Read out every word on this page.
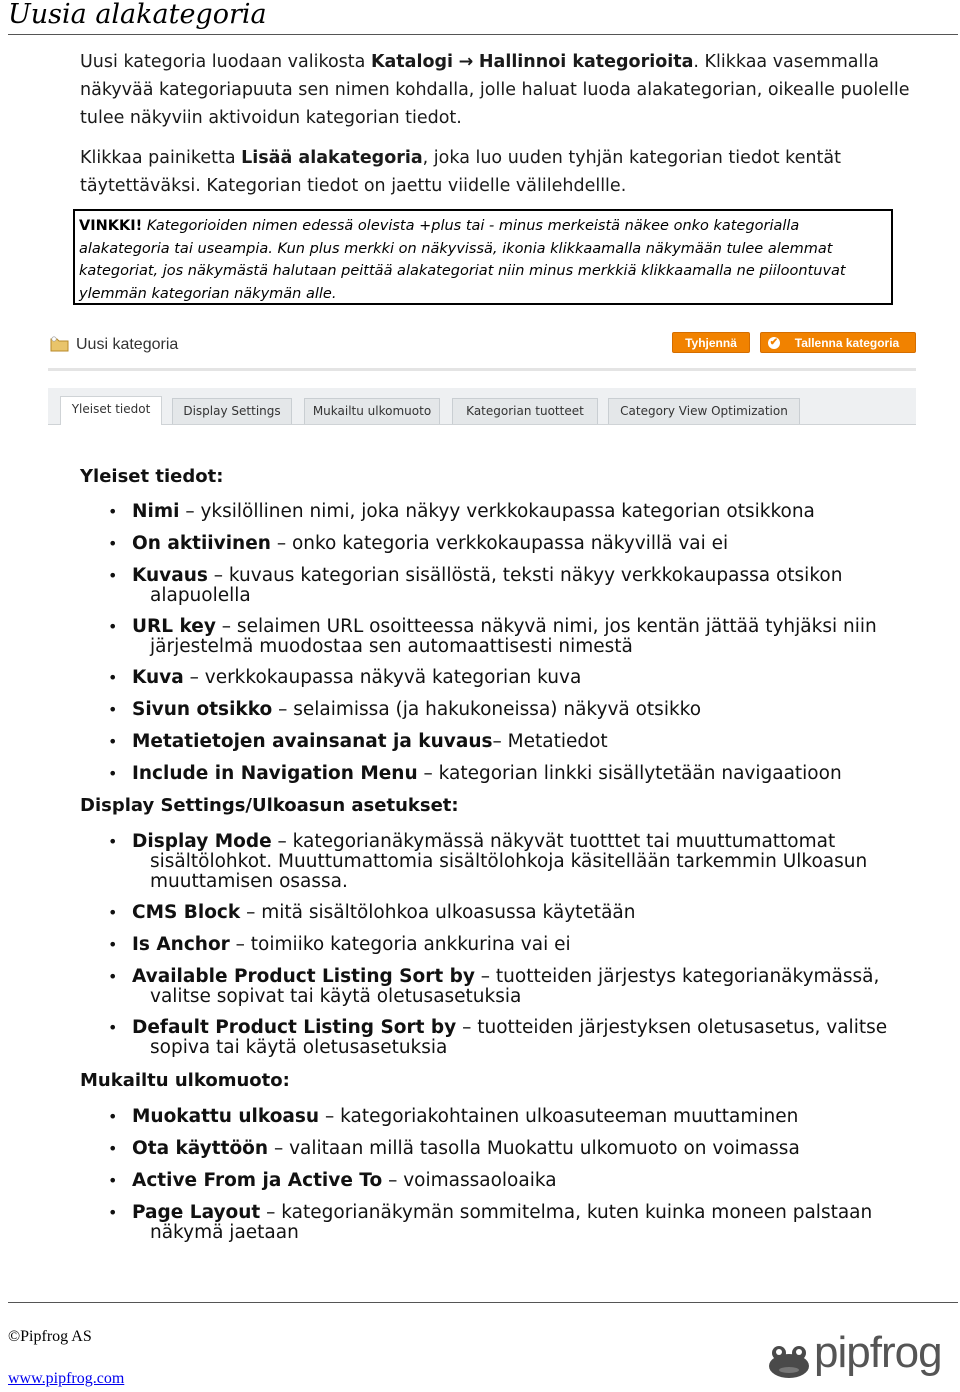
Uusia alakategoria

Uusi kategoria luodaan valikosta Katalogi → Hallinnoi kategorioita. Klikkaa vasemmalla näkyvää kategoriapuuta sen nimen kohdalla, jolle haluat luoda alakategorian, oikealle puolelle tulee näkyviin aktivoidun kategorian tiedot.

Klikkaa painiketta Lisää alakategoria, joka luo uuden tyhjän kategorian tiedot kentät täytettäväksi. Kategorian tiedot on jaettu viidelle välilehdellle.

VINKKI! Kategorioiden nimen edessä olevista +plus tai - minus merkeistä näkee onko kategorialla alakategoria tai useampia. Kun plus merkki on näkyvissä, ikonia klikkaamalla näkymään tulee alemmat kategoriat, jos näkymästä halutaan peittää alakategoriat niin minus merkkiä klikkaamalla ne piiloontuvat ylemmän kategorian näkymän alle.
Uusi kategoria	Tyhjennä	✔ Tallenna kategoria
Yleiset tiedot	Display Settings	Mukailtu ulkomuoto	Kategorian tuotteet	Category View Optimization
Yleiset tiedot:
• Nimi – yksilöllinen nimi, joka näkyy verkkokaupassa kategorian otsikkona
• On aktiivinen – onko kategoria verkkokaupassa näkyvillä vai ei
• Kuvaus – kuvaus kategorian sisällöstä, teksti näkyy verkkokaupassa otsikon
alapuolella
• URL key – selaimen URL osoitteessa näkyvä nimi, jos kentän jättää tyhjäksi niin
järjestelmä muodostaa sen automaattisesti nimestä
• Kuva – verkkokaupassa näkyvä kategorian kuva
• Sivun otsikko – selaimissa (ja hakukoneissa) näkyvä otsikko
• Metatietojen avainsanat ja kuvaus– Metatiedot
• Include in Navigation Menu – kategorian linkki sisällytetään navigaatioon
Display Settings/Ulkoasun asetukset:
• Display Mode – kategorianäkymässä näkyvät tuotttet tai muuttumattomat
sisältölohkot. Muuttumattomia sisältölohkoja käsitellään tarkemmin Ulkoasun
muuttamisen osassa.
• CMS Block – mitä sisältölohkoa ulkoasussa käytetään
• Is Anchor – toimiiko kategoria ankkurina vai ei
• Available Product Listing Sort by – tuotteiden järjestys kategorianäkymässä,
valitse sopivat tai käytä oletusasetuksia
• Default Product Listing Sort by – tuotteiden järjestyksen oletusasetus, valitse
sopiva tai käytä oletusasetuksia
Mukailtu ulkomuoto:
• Muokattu ulkoasu – kategoriakohtainen ulkoasuteeman muuttaminen
• Ota käyttöön – valitaan millä tasolla Muokattu ulkomuoto on voimassa
• Active From ja Active To – voimassaoloaika
• Page Layout – kategorianäkymän sommitelma, kuten kuinka moneen palstaan
näkymä jaetaan
©Pipfrog AS
www.pipfrog.com
pipfrog
